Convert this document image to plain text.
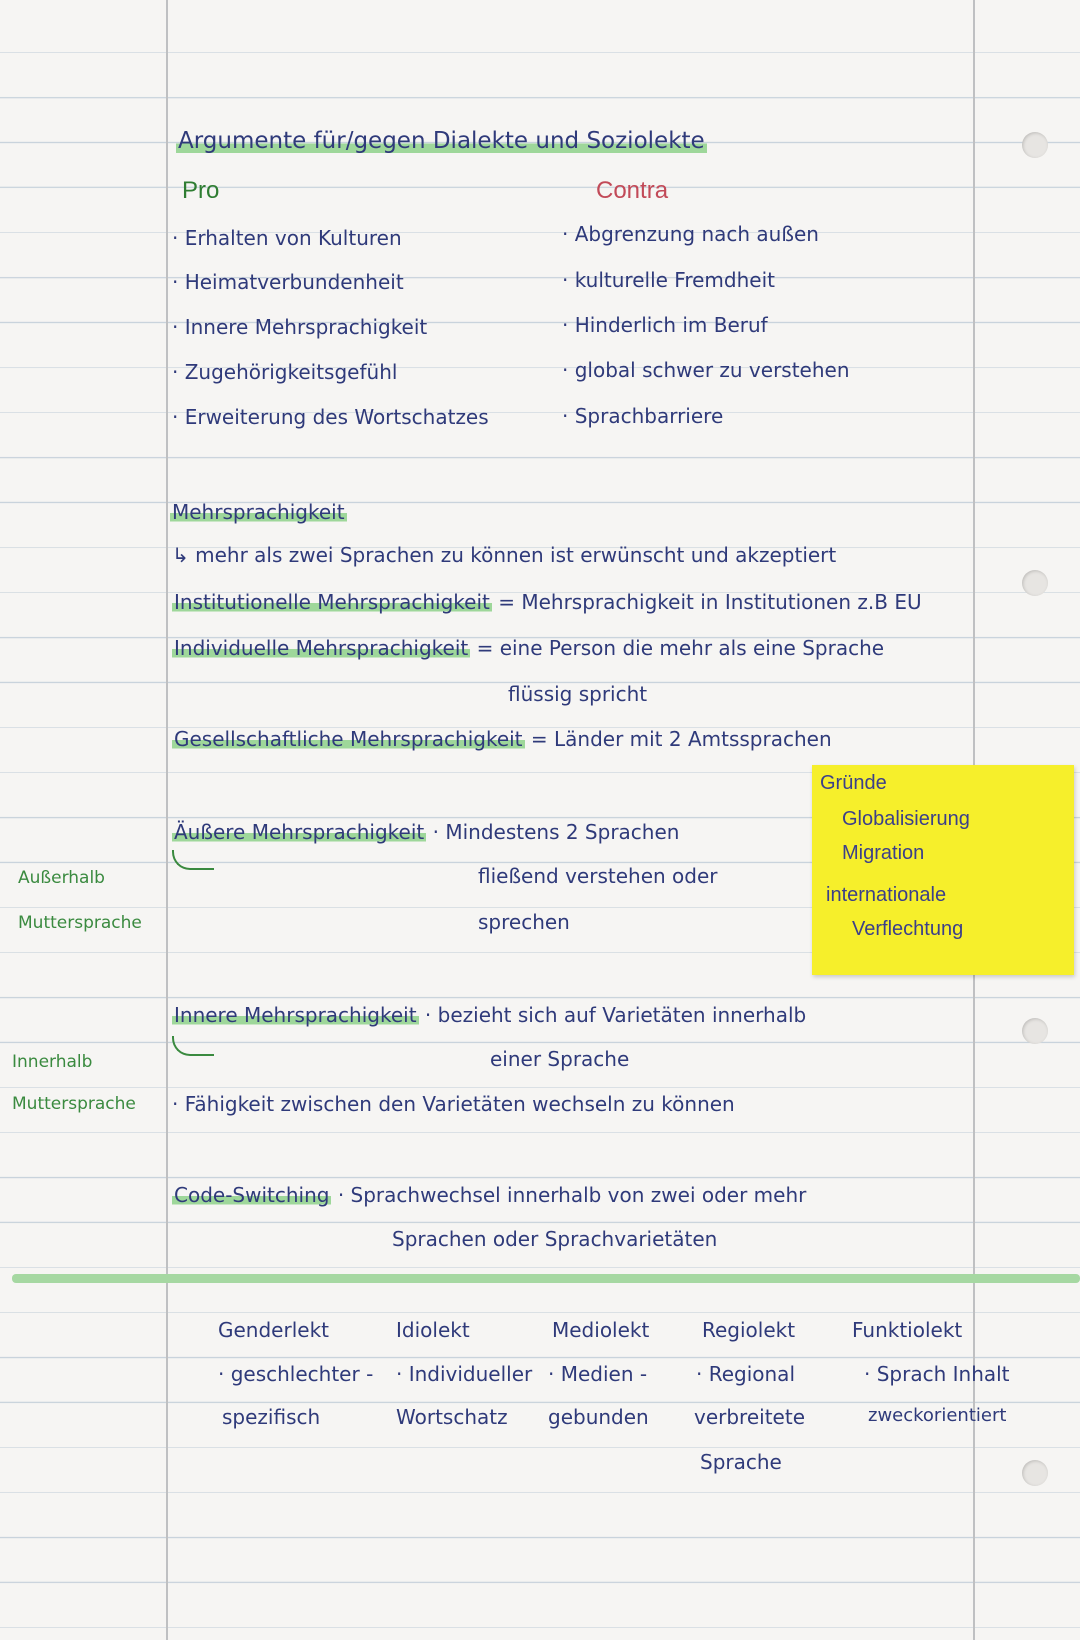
Argumente für/gegen Dialekte und Soziolekte

Pro	Contra

· Erhalten von Kulturen

· Heimatverbundenheit

· Innere Mehrsprachigkeit

· Zugehörigkeitsgefühl

· Erweiterung des Wortschatzes

· Abgrenzung nach außen

· kulturelle Fremdheit

· Hinderlich im Beruf

· global schwer zu verstehen

· Sprachbarriere

Mehrsprachigkeit

↳ mehr als zwei Sprachen zu können ist erwünscht und akzeptiert

Institutionelle Mehrsprachigkeit = Mehrsprachigkeit in Institutionen z.B EU

Individuelle Mehrsprachigkeit = eine Person die mehr als eine Sprache

flüssig spricht

Gesellschaftliche Mehrsprachigkeit = Länder mit 2 Amtssprachen

Gründe

Globalisierung

Migration

internationale

Verflechtung

Äußere Mehrsprachigkeit · Mindestens 2 Sprachen

fließend verstehen oder

sprechen

Außerhalb

Muttersprache

Innere Mehrsprachigkeit · bezieht sich auf Varietäten innerhalb

einer Sprache

· Fähigkeit zwischen den Varietäten wechseln zu können

Innerhalb

Muttersprache

Code-Switching · Sprachwechsel innerhalb von zwei oder mehr

Sprachen oder Sprachvarietäten

Genderlekt

· geschlechter -

spezifisch

Idiolekt

· Individueller

Wortschatz

Mediolekt

· Medien -

gebunden

Regiolekt

· Regional

verbreitete

Sprache

Funktiolekt

· Sprach Inhalt

zweckorientiert
